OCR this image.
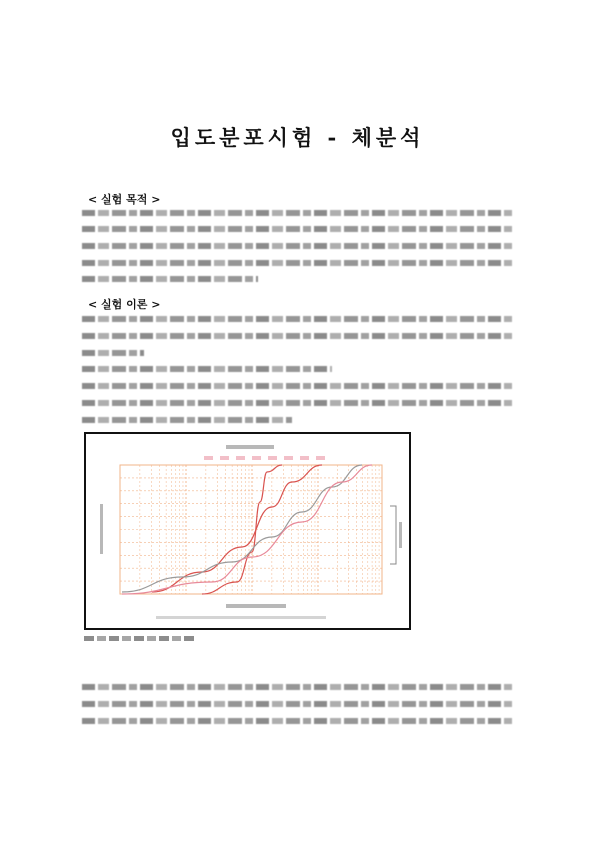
입도분포시험 - 체분석
< 실험 목적 >
< 실험 이론 >
